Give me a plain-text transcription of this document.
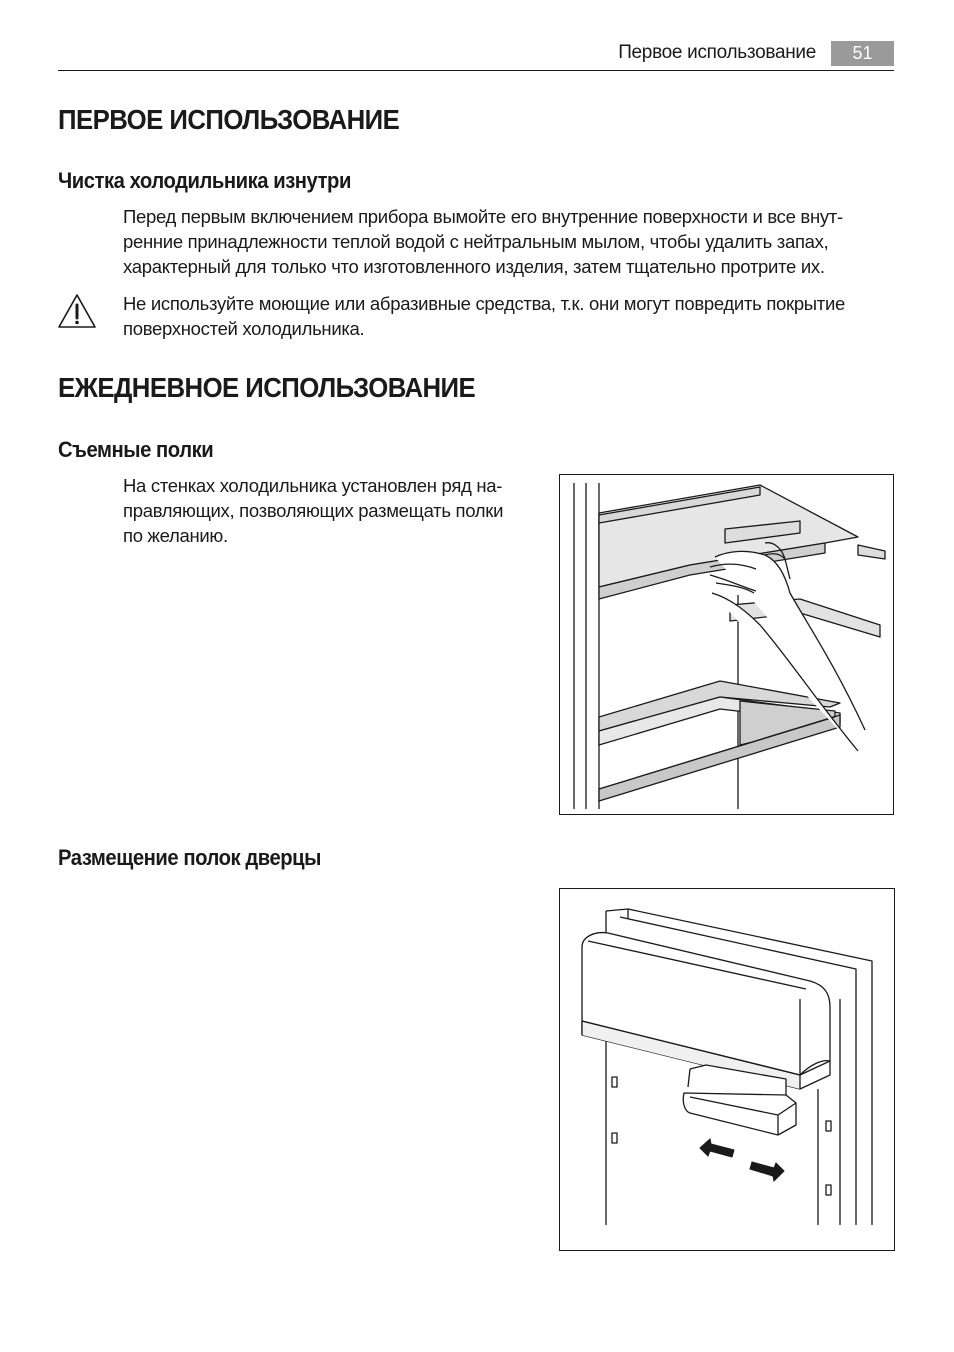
Первое использование	51
ПЕРВОЕ ИСПОЛЬЗОВАНИЕ
Чистка холодильника изнутри
Перед первым включением прибора вымойте его внутренние поверхности и все внут-
ренние принадлежности теплой водой с нейтральным мылом, чтобы удалить запах,
характерный для только что изготовленного изделия, затем тщательно протрите их.
Не используйте моющие или абразивные средства, т.к. они могут повредить покрытие
поверхностей холодильника.
ЕЖЕДНЕВНОЕ ИСПОЛЬЗОВАНИЕ
Съемные полки
На стенках холодильника установлен ряд на-
правляющих, позволяющих размещать полки
по желанию.
Размещение полок дверцы
